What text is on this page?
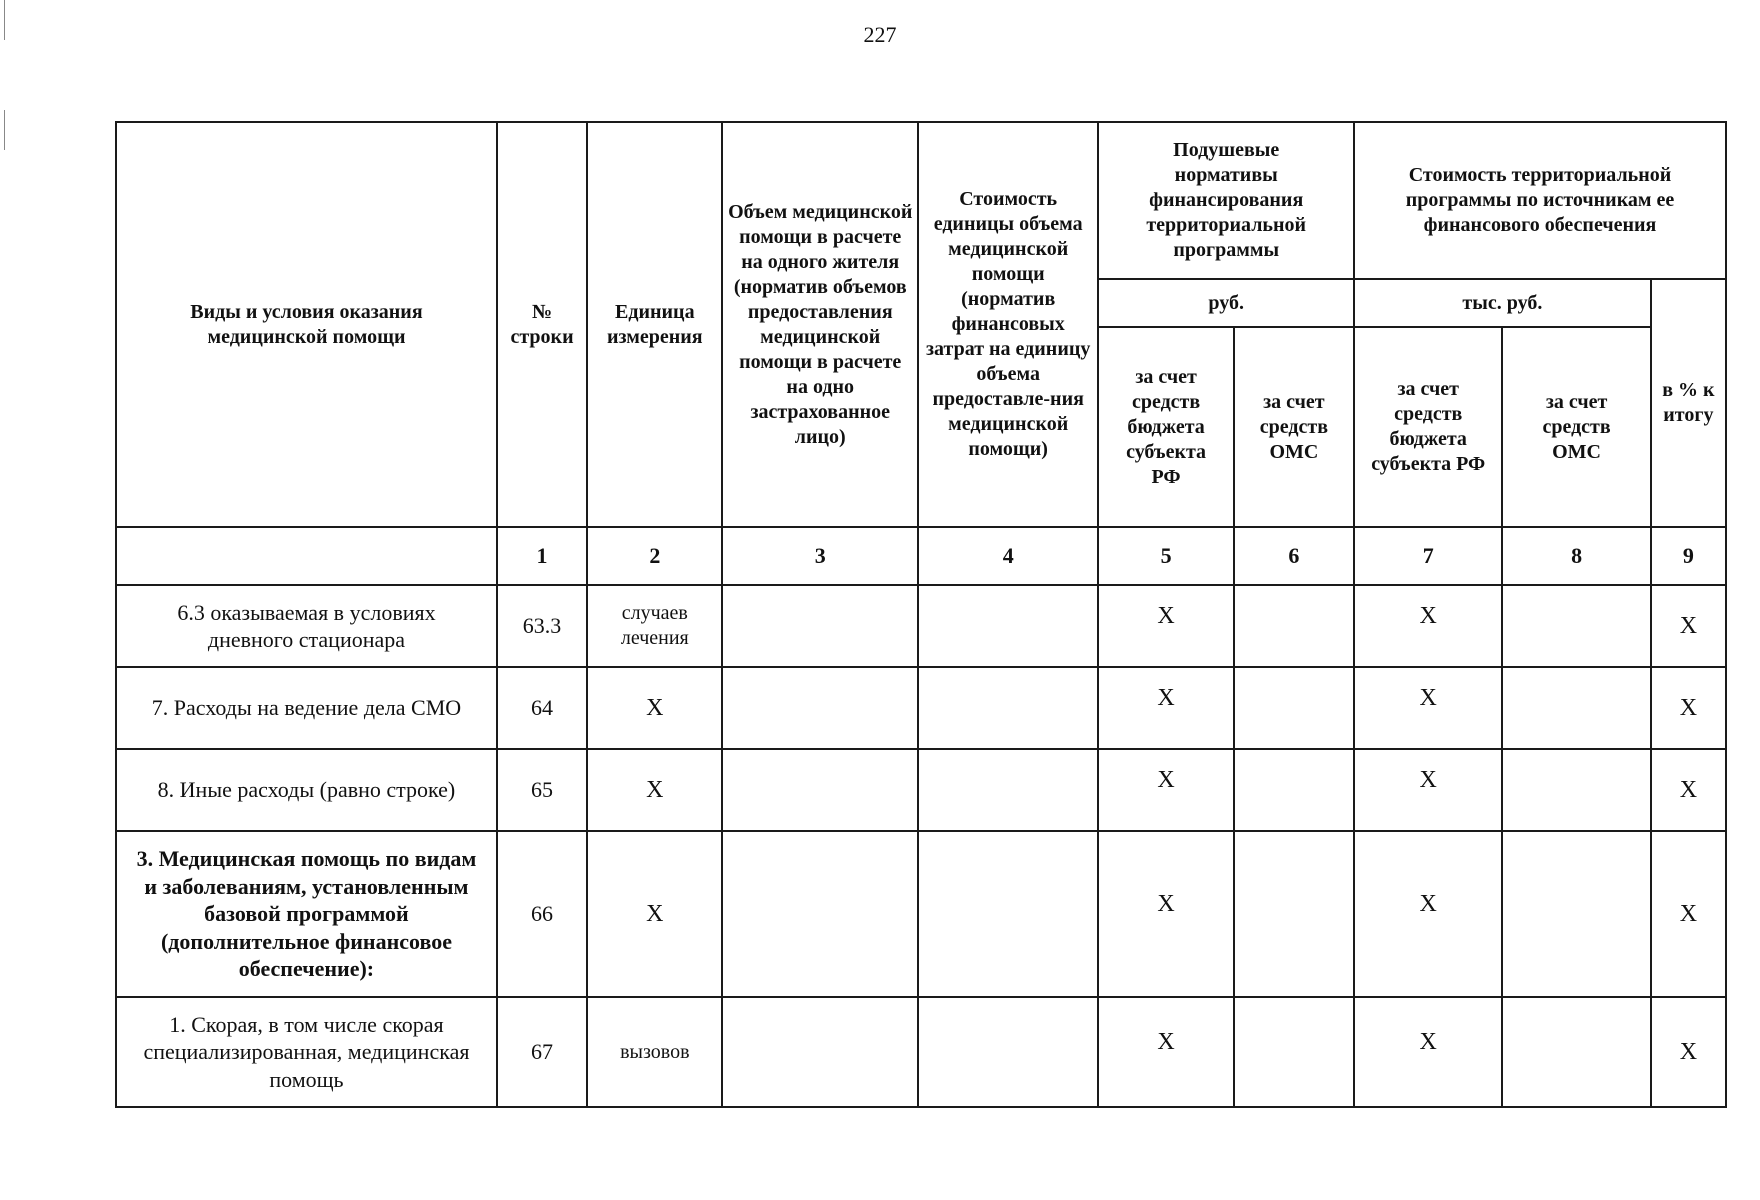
227
Виды и условия оказания медицинской помощи	№ строки	Единица измерения	Объем медицинской помощи в расчете на одного жителя (норматив объемов предоставления медицинской помощи в расчете на одно застрахованное лицо)	Стоимость единицы объема медицинской помощи (норматив финансовых затрат на единицу объема предоставле-ния медицинской помощи)	Подушевые нормативы финансирования территориальной программы		Стоимость территориальной программы по источникам ее финансового обеспечения		
					руб.		тыс. руб.		в % к итогу
					за счет средств бюджета субъекта РФ	за счет средств ОМС	за счет средств бюджета субъекта РФ	за счет средств ОМС	
	1	2	3	4	5	6	7	8	9
6.3 оказываемая в условиях дневного стационара	63.3	случаев лечения			Х		Х		Х
7. Расходы на ведение дела СМО	64	Х			Х		Х		Х
8. Иные расходы (равно строке)	65	Х			Х		Х		Х
3. Медицинская помощь по видам и заболеваниям, установленным базовой программой (дополнительное финансовое обеспечение):	66	Х			Х		Х		Х
1. Скорая, в том числе скорая специализированная, медицинская помощь	67	вызовов			Х		Х		Х
